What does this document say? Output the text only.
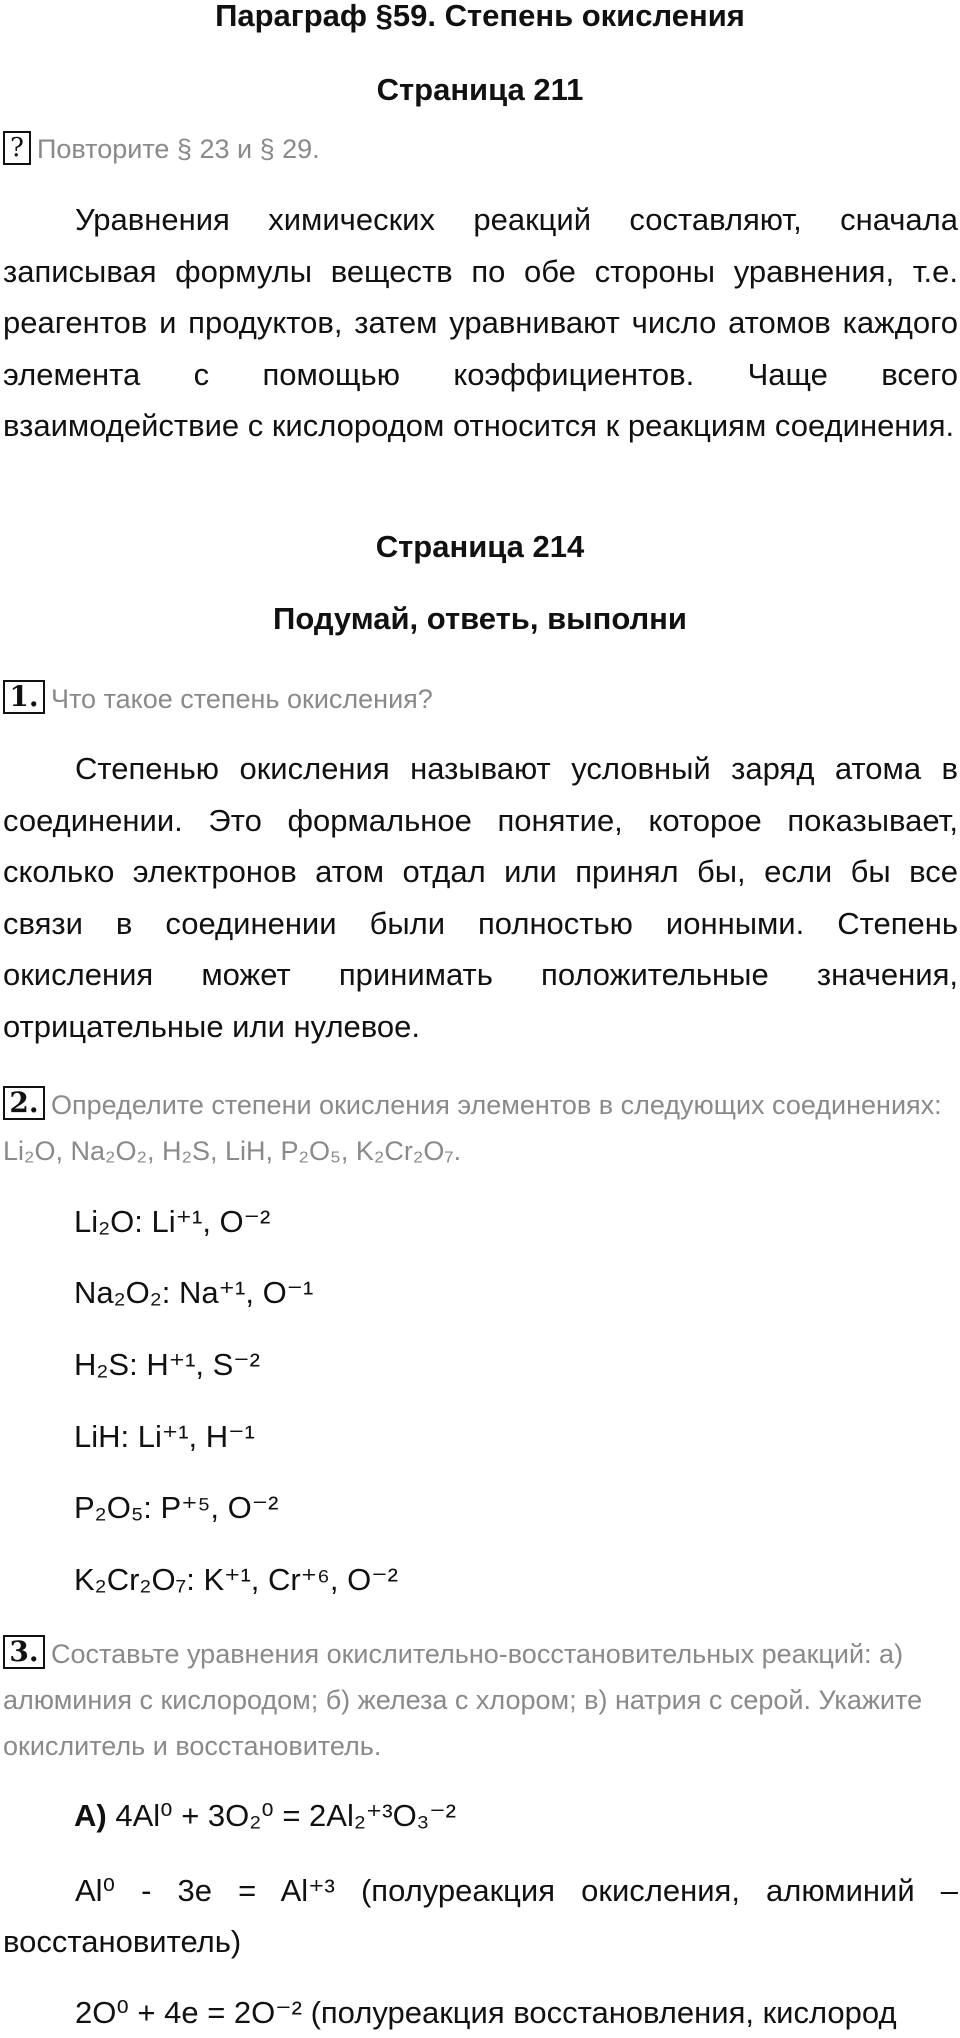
Параграф §59. Степень окисления
Страница 211
? Повторите § 23 и § 29.
Уравнения химических реакций составляют, сначала записывая формулы веществ по обе стороны уравнения, т.е. реагентов и продуктов, затем уравнивают число атомов каждого элемента с помощью коэффициентов. Чаще всего взаимодействие с кислородом относится к реакциям соединения.
Страница 214
Подумай, ответь, выполни
1. Что такое степень окисления?
Степенью окисления называют условный заряд атома в соединении. Это формальное понятие, которое показывает, сколько электронов атом отдал или принял бы, если бы все связи в соединении были полностью ионными. Степень окисления может принимать положительные значения, отрицательные или нулевое.
2. Определите степени окисления элементов в следующих соединениях: Li₂O, Na₂O₂, H₂S, LiH, P₂O₅, K₂Cr₂O₇.
Li₂O: Li⁺¹, O⁻²
Na₂O₂: Na⁺¹, O⁻¹
H₂S: H⁺¹, S⁻²
LiH: Li⁺¹, H⁻¹
P₂O₅: P⁺⁵, O⁻²
K₂Cr₂O₇: K⁺¹, Cr⁺⁶, O⁻²
3. Составьте уравнения окислительно-восстановительных реакций: а) алюминия с кислородом; б) железа с хлором; в) натрия с серой. Укажите окислитель и восстановитель.
А) 4Al⁰ + 3O₂⁰ = 2Al₂⁺³O₃⁻²
Al⁰ - 3e = Al⁺³ (полуреакция окисления, алюминий – восстановитель)
2O⁰ + 4e = 2O⁻² (полуреакция восстановления, кислород
